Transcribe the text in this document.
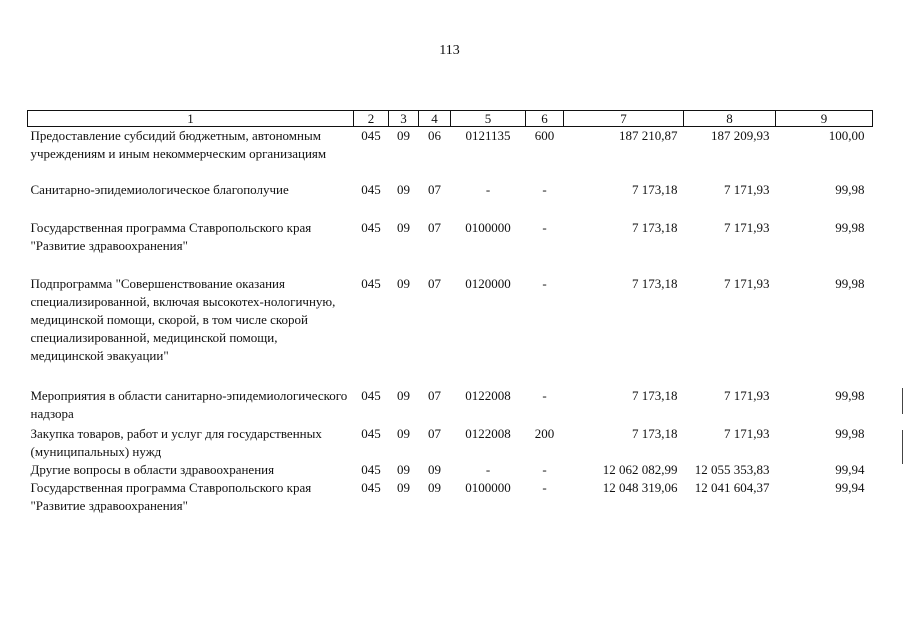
113
1	2	3	4	5	6	7	8	9
Предоставление субсидий бюджетным, автономным учреждениям и иным некоммерческим организациям	045	09	06	0121135	600	187 210,87	187 209,93	100,00
Санитарно-эпидемиологическое благополучие	045	09	07	-	-	7 173,18	7 171,93	99,98
Государственная программа Ставропольского края "Развитие здравоохранения"	045	09	07	0100000	-	7 173,18	7 171,93	99,98
Подпрограмма "Совершенствование оказания специализированной, включая высокотех-нологичную, медицинской помощи, скорой, в том числе скорой специализированной, медицинской помощи, медицинской эвакуации"	045	09	07	0120000	-	7 173,18	7 171,93	99,98
Мероприятия в области санитарно-эпидемиологического надзора	045	09	07	0122008	-	7 173,18	7 171,93	99,98
Закупка товаров, работ и услуг для государственных (муниципальных) нужд	045	09	07	0122008	200	7 173,18	7 171,93	99,98
Другие вопросы в области здравоохранения	045	09	09	-	-	12 062 082,99	12 055 353,83	99,94
Государственная программа Ставропольского края "Развитие здравоохранения"	045	09	09	0100000	-	12 048 319,06	12 041 604,37	99,94
